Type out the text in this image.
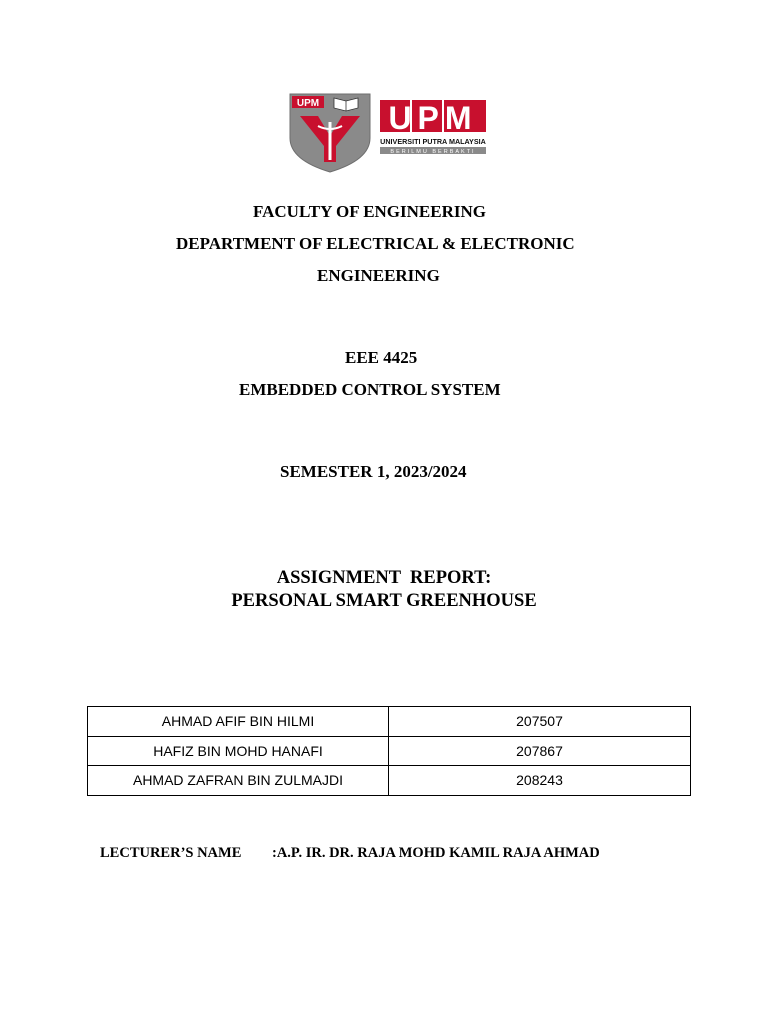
UPM UPM
UNIVERSITI PUTRA MALAYSIA
BERILMU BERBAKTI
FACULTY OF ENGINEERING
DEPARTMENT OF ELECTRICAL & ELECTRONIC
ENGINEERING
EEE 4425
EMBEDDED CONTROL SYSTEM
SEMESTER 1, 2023/2024
ASSIGNMENT  REPORT:
PERSONAL SMART GREENHOUSE
AHMAD AFIF BIN HILMI	207507
HAFIZ BIN MOHD HANAFI	207867
AHMAD ZAFRAN BIN ZULMAJDI	208243
LECTURER’S NAME :A.P. IR. DR. RAJA MOHD KAMIL RAJA AHMAD
